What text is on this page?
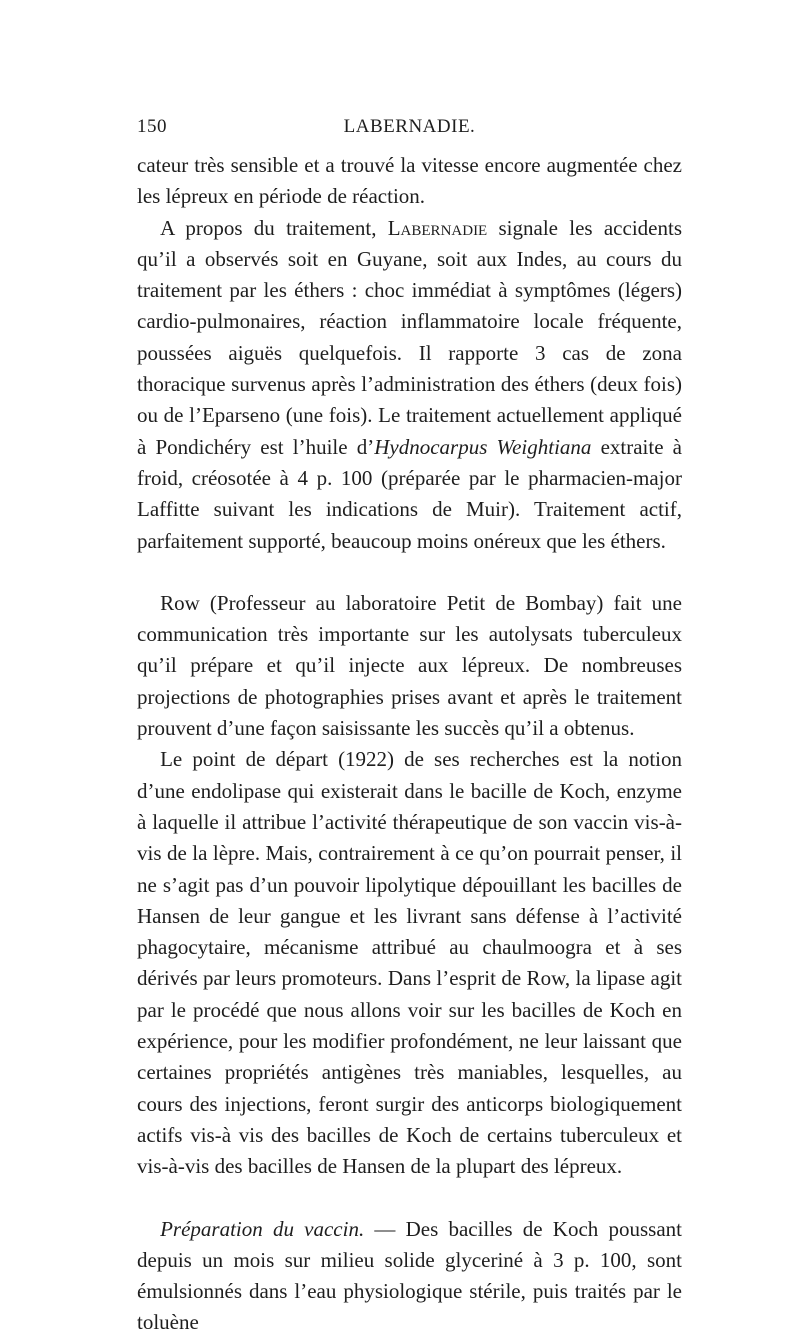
150	LABERNADIE.

cateur très sensible et a trouvé la vitesse encore augmentée chez les lépreux en période de réaction.

A propos du traitement, Labernadie signale les accidents qu’il a observés soit en Guyane, soit aux Indes, au cours du traitement par les éthers : choc immédiat à symptômes (légers) cardio-pulmonaires, réaction inflammatoire locale fréquente, poussées aiguës quelquefois. Il rapporte 3 cas de zona thoracique survenus après l’administration des éthers (deux fois) ou de l’Eparseno (une fois). Le traitement actuellement appliqué à Pondichéry est l’huile d’Hydnocarpus Weightiana extraite à froid, créosotée à 4 p. 100 (préparée par le pharmacien-major Laffitte suivant les indications de Muir). Traitement actif, parfaitement supporté, beaucoup moins onéreux que les éthers.

Row (Professeur au laboratoire Petit de Bombay) fait une communication très importante sur les autolysats tuberculeux qu’il prépare et qu’il injecte aux lépreux. De nombreuses projections de photographies prises avant et après le traitement prouvent d’une façon saisissante les succès qu’il a obtenus.

Le point de départ (1922) de ses recherches est la notion d’une endolipase qui existerait dans le bacille de Koch, enzyme à laquelle il attribue l’activité thérapeutique de son vaccin vis-à-vis de la lèpre. Mais, contrairement à ce qu’on pourrait penser, il ne s’agit pas d’un pouvoir lipolytique dépouillant les bacilles de Hansen de leur gangue et les livrant sans défense à l’activité phagocytaire, mécanisme attribué au chaulmoogra et à ses dérivés par leurs promoteurs. Dans l’esprit de Row, la lipase agit par le procédé que nous allons voir sur les bacilles de Koch en expérience, pour les modifier profondément, ne leur laissant que certaines propriétés antigènes très maniables, lesquelles, au cours des injections, feront surgir des anticorps biologiquement actifs vis-à vis des bacilles de Koch de certains tuberculeux et vis-à-vis des bacilles de Hansen de la plupart des lépreux.

Préparation du vaccin. — Des bacilles de Koch poussant depuis un mois sur milieu solide glyceriné à 3 p. 100, sont émulsionnés dans l’eau physiologique stérile, puis traités par le toluène
